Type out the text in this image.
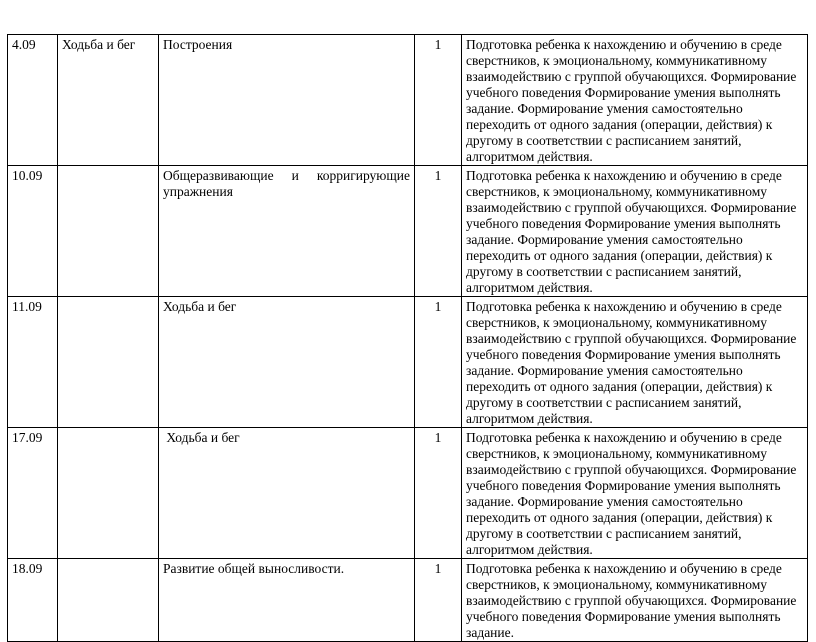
4.09	Ходьба и бег	Построения	1	Подготовка ребенка к нахождению и обучению в среде сверстников, к эмоциональному, коммуникативному взаимодействию с группой обучающихся. Формирование учебного поведения Формирование умения выполнять задание. Формирование умения самостоятельно переходить от одного задания (операции, действия) к другому в соответствии с расписанием занятий, алгоритмом действия.
10.09		Общеразвивающие и корригирующие упражнения	1	Подготовка ребенка к нахождению и обучению в среде сверстников, к эмоциональному, коммуникативному взаимодействию с группой обучающихся. Формирование учебного поведения Формирование умения выполнять задание. Формирование умения самостоятельно переходить от одного задания (операции, действия) к другому в соответствии с расписанием занятий, алгоритмом действия.
11.09		Ходьба и бег	1	Подготовка ребенка к нахождению и обучению в среде сверстников, к эмоциональному, коммуникативному взаимодействию с группой обучающихся. Формирование учебного поведения Формирование умения выполнять задание. Формирование умения самостоятельно переходить от одного задания (операции, действия) к другому в соответствии с расписанием занятий, алгоритмом действия.
17.09		Ходьба и бег	1	Подготовка ребенка к нахождению и обучению в среде сверстников, к эмоциональному, коммуникативному взаимодействию с группой обучающихся. Формирование учебного поведения Формирование умения выполнять задание. Формирование умения самостоятельно переходить от одного задания (операции, действия) к другому в соответствии с расписанием занятий, алгоритмом действия.
18.09		Развитие общей выносливости.	1	Подготовка ребенка к нахождению и обучению в среде сверстников, к эмоциональному, коммуникативному взаимодействию с группой обучающихся. Формирование учебного поведения Формирование умения выполнять задание.
